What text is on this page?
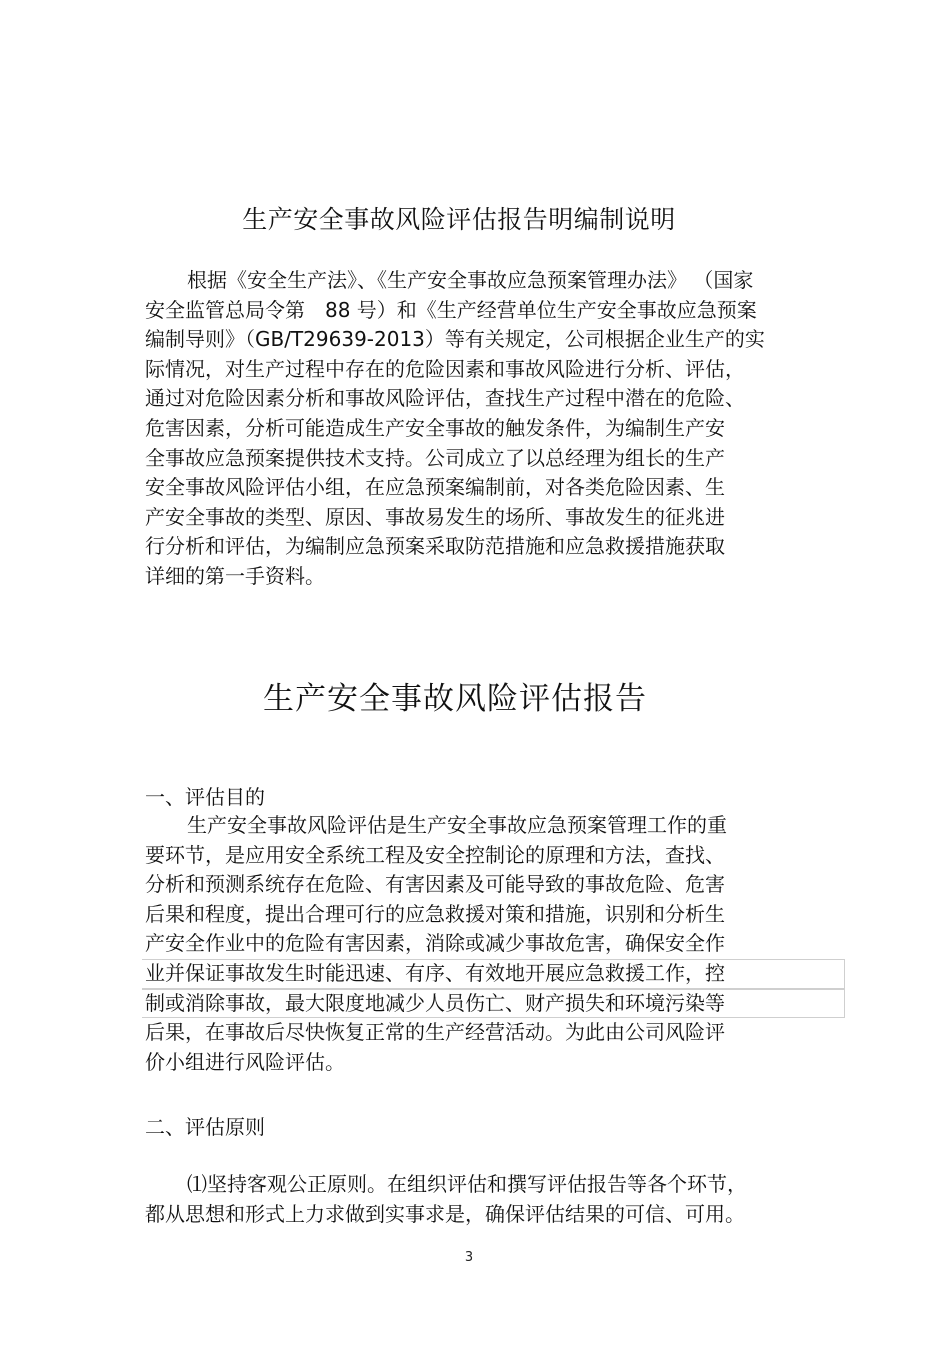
生产安全事故风险评估报告明编制说明
根据《安全生产法》、《生产安全事故应急预案管理办法》 （国家
安全监管总局令第　88 号）和《生产经营单位生产安全事故应急预案
编制导则》（GB/T29639-2013）等有关规定，公司根据企业生产的实
际情况，对生产过程中存在的危险因素和事故风险进行分析、评估，
通过对危险因素分析和事故风险评估，查找生产过程中潜在的危险、
危害因素，分析可能造成生产安全事故的触发条件，为编制生产安
全事故应急预案提供技术支持。公司成立了以总经理为组长的生产
安全事故风险评估小组，在应急预案编制前，对各类危险因素、生
产安全事故的类型、原因、事故易发生的场所、事故发生的征兆进
行分析和评估，为编制应急预案采取防范措施和应急救援措施获取
详细的第一手资料。
生产安全事故风险评估报告
一、评估目的
生产安全事故风险评估是生产安全事故应急预案管理工作的重
要环节，是应用安全系统工程及安全控制论的原理和方法，查找、
分析和预测系统存在危险、有害因素及可能导致的事故危险、危害
后果和程度，提出合理可行的应急救援对策和措施，识别和分析生
产安全作业中的危险有害因素，消除或减少事故危害，确保安全作
业并保证事故发生时能迅速、有序、有效地开展应急救援工作，控
制或消除事故，最大限度地减少人员伤亡、财产损失和环境污染等
后果，在事故后尽快恢复正常的生产经营活动。为此由公司风险评
价小组进行风险评估。
二、评估原则
⑴坚持客观公正原则。在组织评估和撰写评估报告等各个环节，
都从思想和形式上力求做到实事求是，确保评估结果的可信、可用。
3
